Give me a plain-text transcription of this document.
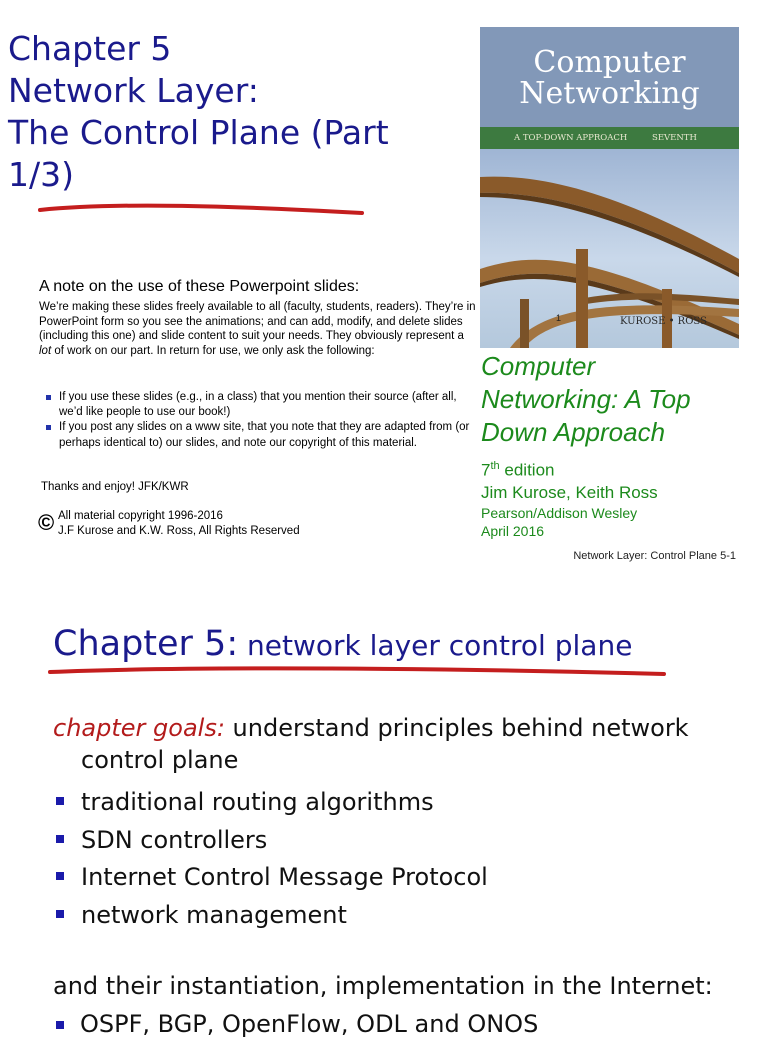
Chapter 5
Network Layer:
The Control Plane (Part
1/3)
A note on the use of these Powerpoint slides:
We’re making these slides freely available to all (faculty, students, readers). They’re in PowerPoint form so you see the animations; and can add, modify, and delete slides (including this one) and slide content to suit your needs. They obviously represent a lot of work on our part. In return for use, we only ask the following:
If you use these slides (e.g., in a class) that you mention their source (after all, we’d like people to use our book!)
If you post any slides on a www site, that you note that they are adapted from (or perhaps identical to) our slides, and note our copyright of this material.
Thanks and enjoy! JFK/KWR
© All material copyright 1996-2016
J.F Kurose and K.W. Ross, All Rights Reserved
Computer
Networking
A TOP-DOWN APPROACH	SEVENTH
KUROSE • ROSS
1
Computer
Networking: A Top
Down Approach
7th edition
Jim Kurose, Keith Ross
Pearson/Addison Wesley
April 2016
Network Layer: Control Plane 5-1
Chapter 5: network layer control plane
chapter goals: understand principles behind network
control plane
traditional routing algorithms
SDN controllers
Internet Control Message Protocol
network management
and their instantiation, implementation in the Internet:
OSPF, BGP, OpenFlow, ODL and ONOS
